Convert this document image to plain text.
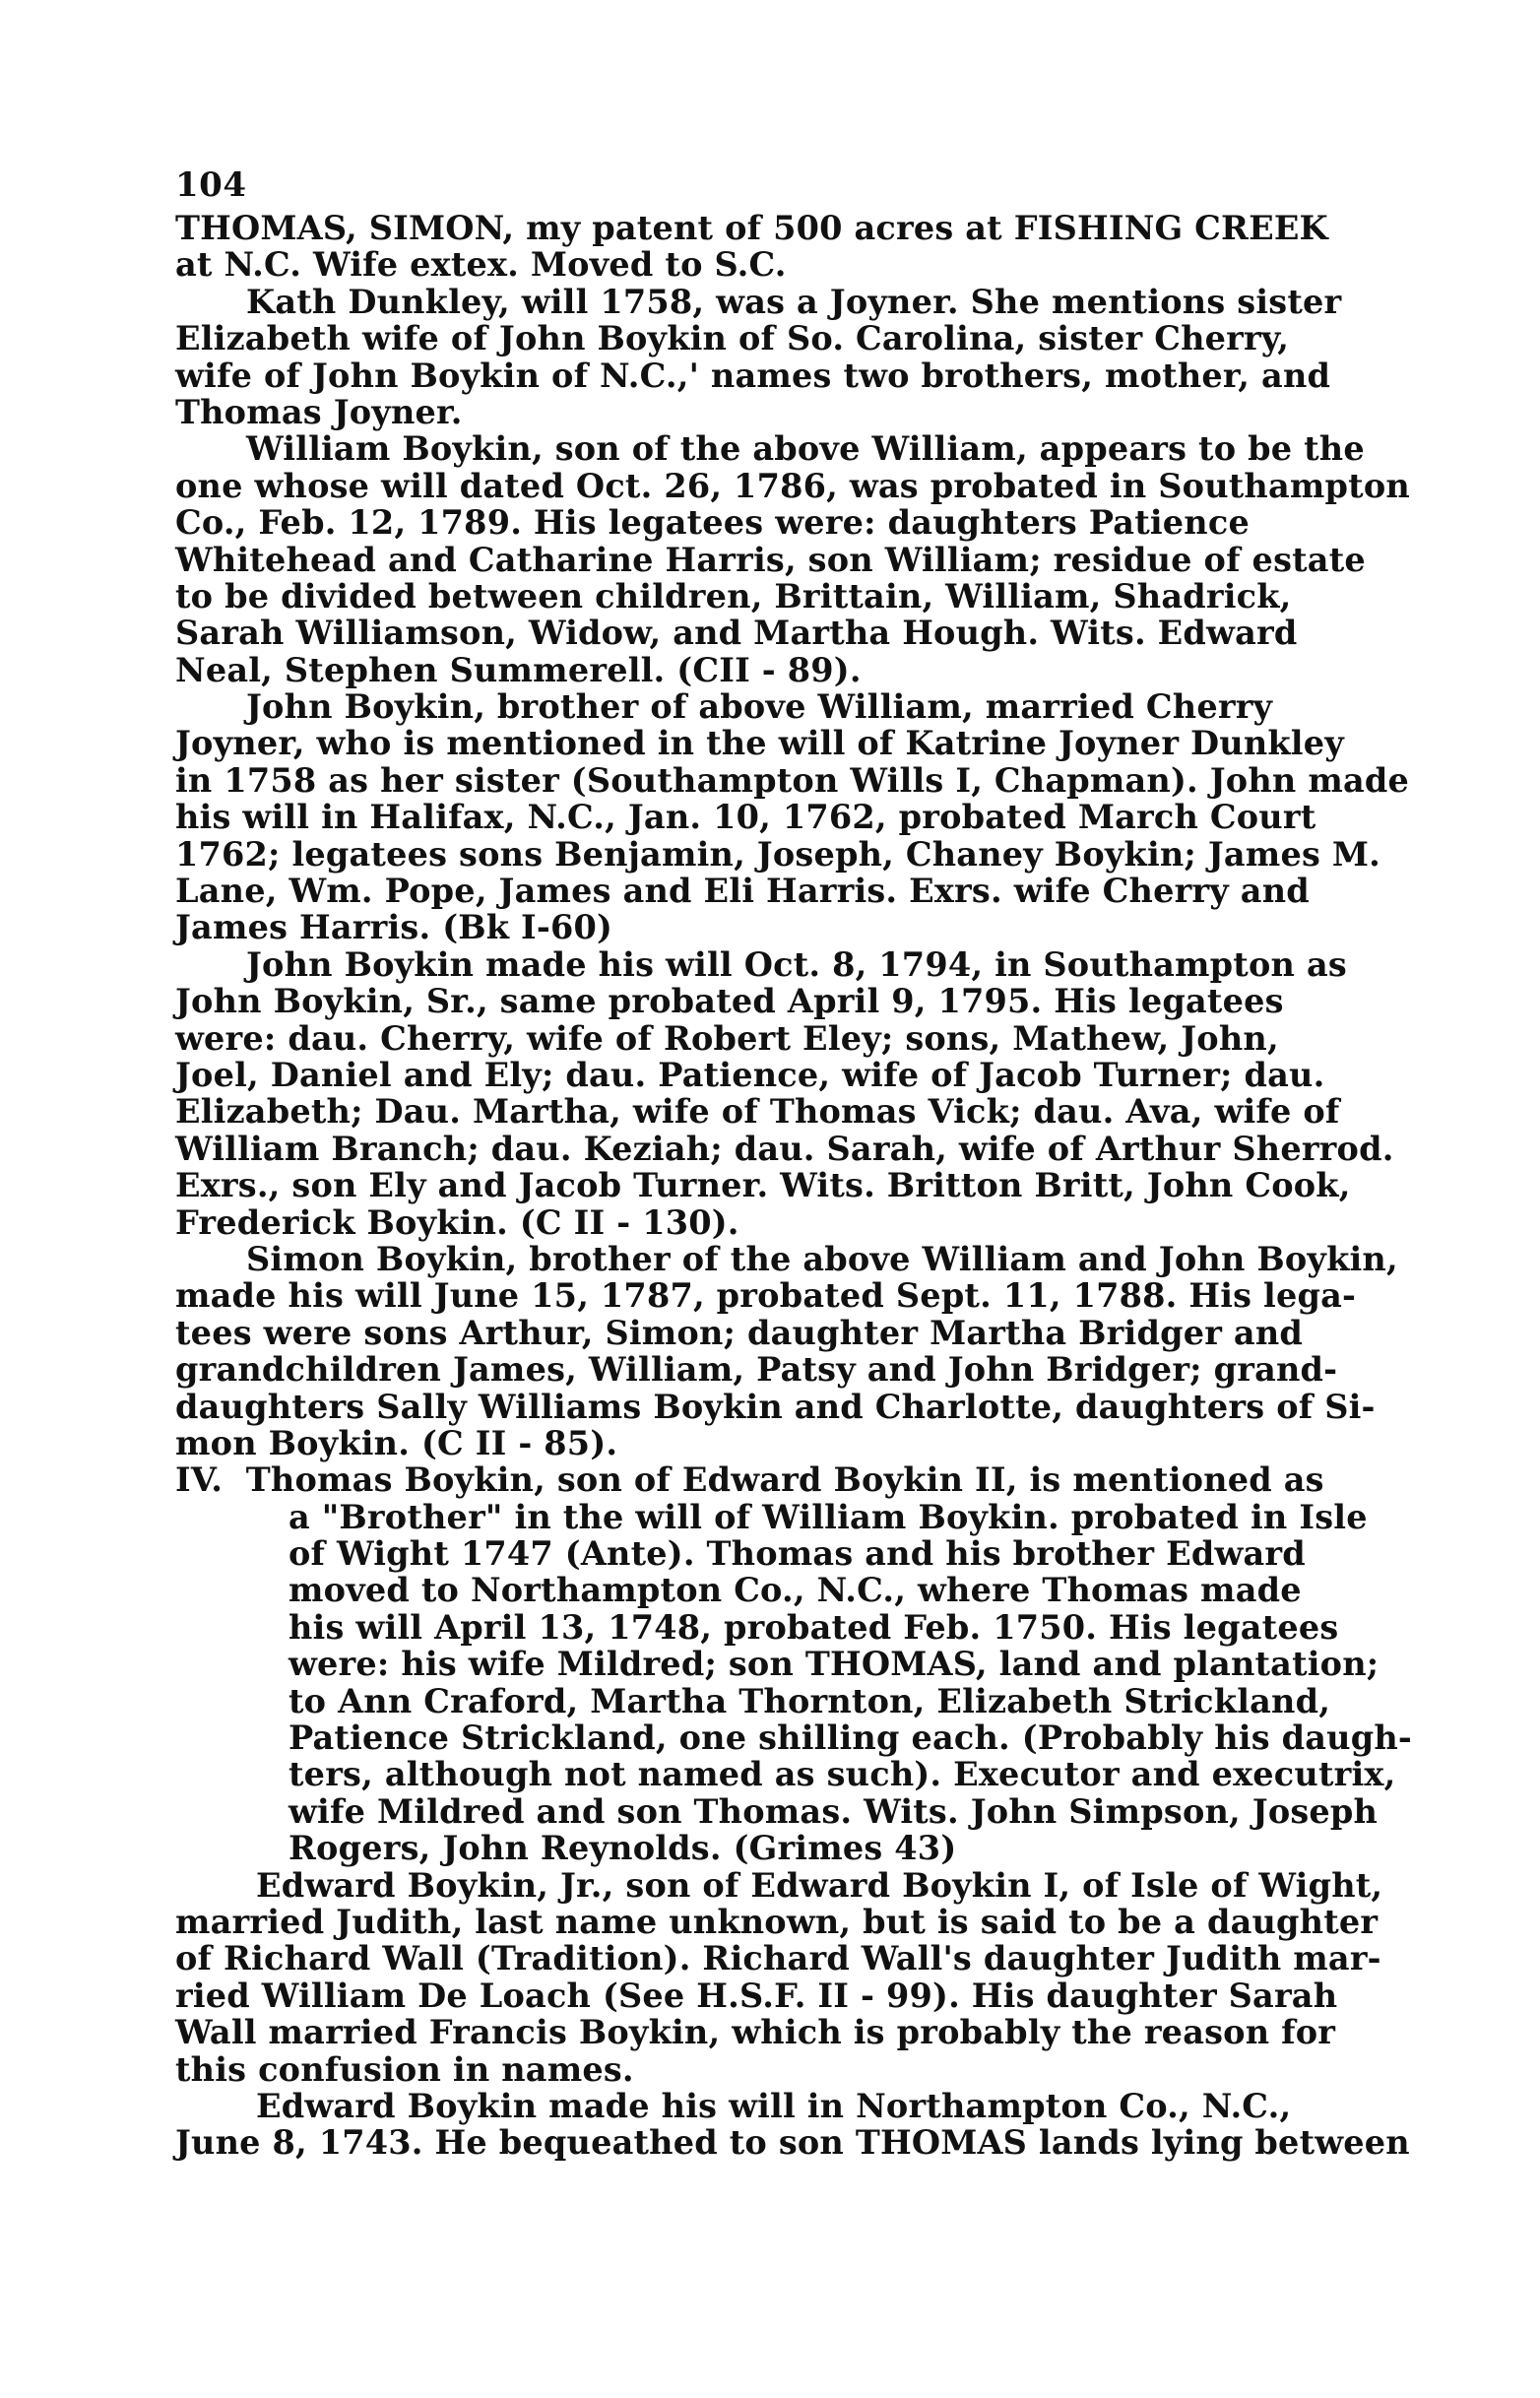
104
THOMAS, SIMON, my patent of 500 acres at FISHING CREEK
at N.C. Wife extex. Moved to S.C.
Kath Dunkley, will 1758, was a Joyner. She mentions sister
Elizabeth wife of John Boykin of So. Carolina, sister Cherry,
wife of John Boykin of N.C.,' names two brothers, mother, and
Thomas Joyner.
William Boykin, son of the above William, appears to be the
one whose will dated Oct. 26, 1786, was probated in Southampton
Co., Feb. 12, 1789. His legatees were: daughters Patience
Whitehead and Catharine Harris, son William; residue of estate
to be divided between children, Brittain, William, Shadrick,
Sarah Williamson, Widow, and Martha Hough. Wits. Edward
Neal, Stephen Summerell. (CII - 89).
John Boykin, brother of above William, married Cherry
Joyner, who is mentioned in the will of Katrine Joyner Dunkley
in 1758 as her sister (Southampton Wills I, Chapman). John made
his will in Halifax, N.C., Jan. 10, 1762, probated March Court
1762; legatees sons Benjamin, Joseph, Chaney Boykin; James M.
Lane, Wm. Pope, James and Eli Harris. Exrs. wife Cherry and
James Harris. (Bk I-60)
John Boykin made his will Oct. 8, 1794, in Southampton as
John Boykin, Sr., same probated April 9, 1795. His legatees
were: dau. Cherry, wife of Robert Eley; sons, Mathew, John,
Joel, Daniel and Ely; dau. Patience, wife of Jacob Turner; dau.
Elizabeth; Dau. Martha, wife of Thomas Vick; dau. Ava, wife of
William Branch; dau. Keziah; dau. Sarah, wife of Arthur Sherrod.
Exrs., son Ely and Jacob Turner. Wits. Britton Britt, John Cook,
Frederick Boykin. (C II - 130).
Simon Boykin, brother of the above William and John Boykin,
made his will June 15, 1787, probated Sept. 11, 1788. His lega-
tees were sons Arthur, Simon; daughter Martha Bridger and
grandchildren James, William, Patsy and John Bridger; grand-
daughters Sally Williams Boykin and Charlotte, daughters of Si-
mon Boykin. (C II - 85).
IV.  Thomas Boykin, son of Edward Boykin II, is mentioned as
a "Brother" in the will of William Boykin. probated in Isle
of Wight 1747 (Ante). Thomas and his brother Edward
moved to Northampton Co., N.C., where Thomas made
his will April 13, 1748, probated Feb. 1750. His legatees
were: his wife Mildred; son THOMAS, land and plantation;
to Ann Craford, Martha Thornton, Elizabeth Strickland,
Patience Strickland, one shilling each. (Probably his daugh-
ters, although not named as such). Executor and executrix,
wife Mildred and son Thomas. Wits. John Simpson, Joseph
Rogers, John Reynolds. (Grimes 43)
Edward Boykin, Jr., son of Edward Boykin I, of Isle of Wight,
married Judith, last name unknown, but is said to be a daughter
of Richard Wall (Tradition). Richard Wall's daughter Judith mar-
ried William De Loach (See H.S.F. II - 99). His daughter Sarah
Wall married Francis Boykin, which is probably the reason for
this confusion in names.
Edward Boykin made his will in Northampton Co., N.C.,
June 8, 1743. He bequeathed to son THOMAS lands lying between
